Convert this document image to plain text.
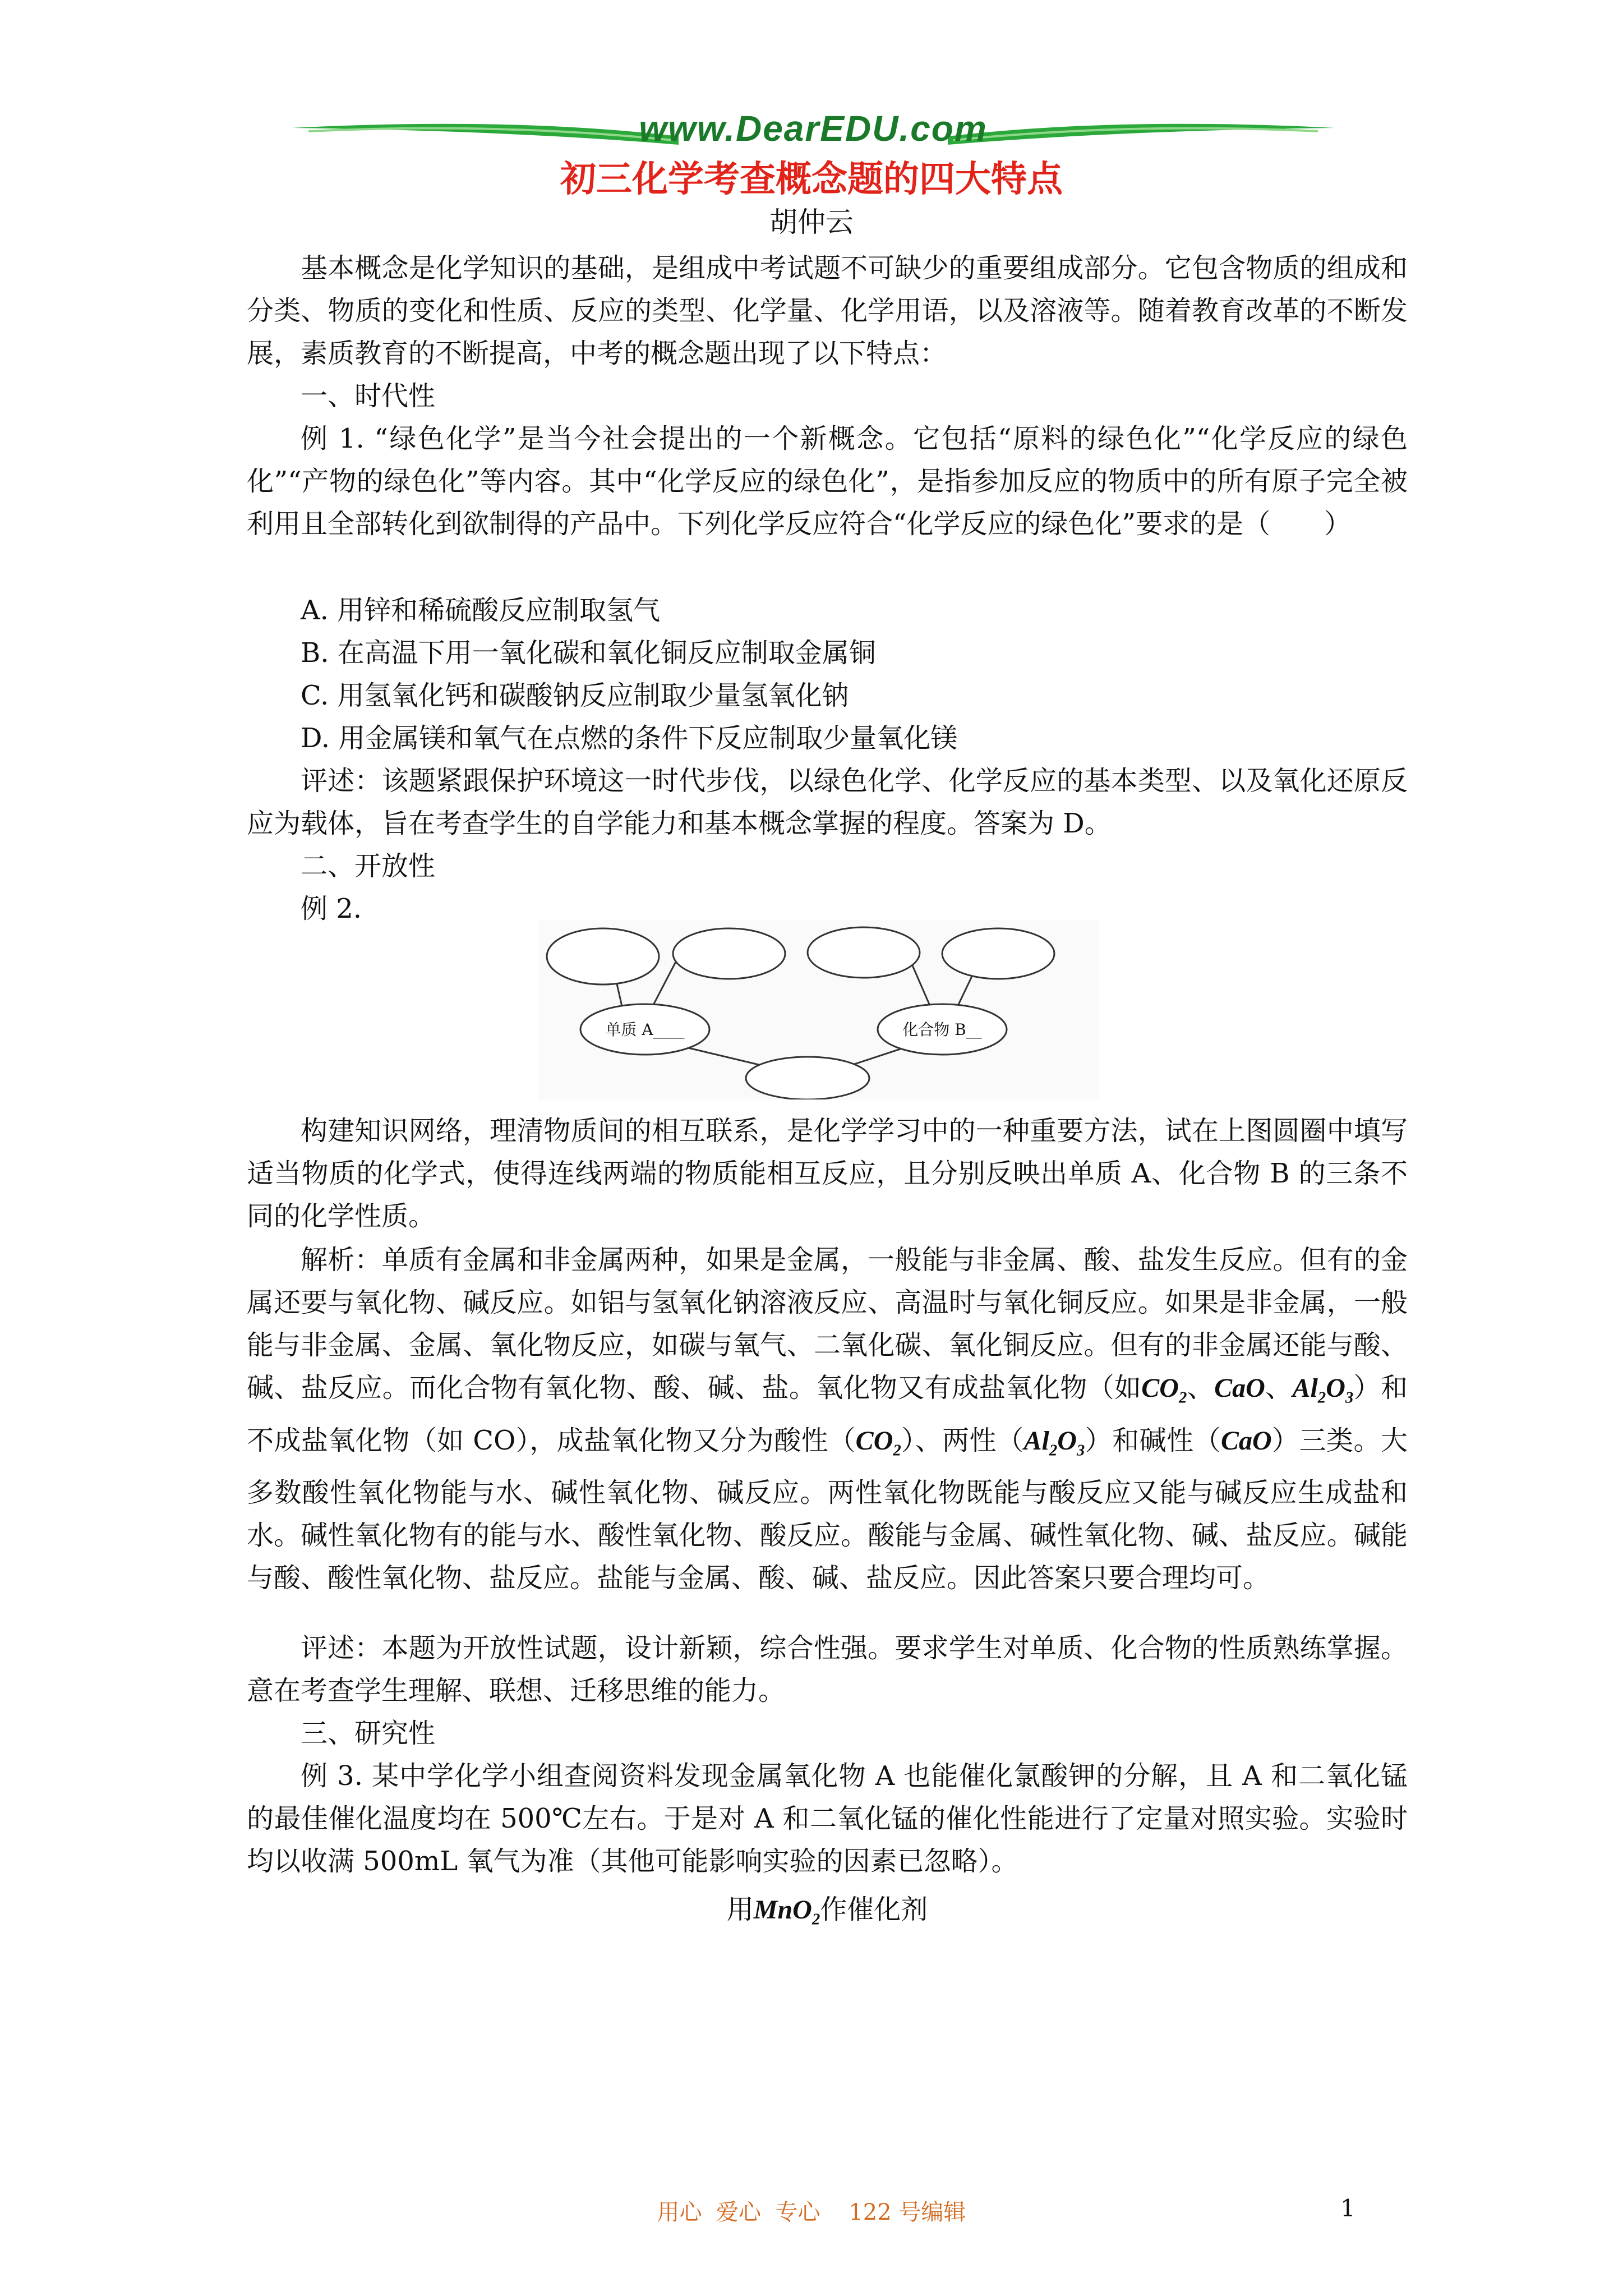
www.DearEDU.com
初三化学考查概念题的四大特点
胡仲云

基本概念是化学知识的基础，是组成中考试题不可缺少的重要组成部分。它包含物质的组成和分类、物质的变化和性质、反应的类型、化学量、化学用语，以及溶液等。随着教育改革的不断发展，素质教育的不断提高，中考的概念题出现了以下特点：

一、时代性

例 1. “绿色化学”是当今社会提出的一个新概念。它包括“原料的绿色化”“化学反应的绿色化”“产物的绿色化”等内容。其中“化学反应的绿色化”，是指参加反应的物质中的所有原子完全被利用且全部转化到欲制得的产品中。下列化学反应符合“化学反应的绿色化”要求的是（　　）

A. 用锌和稀硫酸反应制取氢气

B. 在高温下用一氧化碳和氧化铜反应制取金属铜

C. 用氢氧化钙和碳酸钠反应制取少量氢氧化钠

D. 用金属镁和氧气在点燃的条件下反应制取少量氧化镁

评述：该题紧跟保护环境这一时代步伐，以绿色化学、化学反应的基本类型、以及氧化还原反应为载体，旨在考查学生的自学能力和基本概念掌握的程度。答案为 D。

二、开放性

例 2.

单质 A____	化合物 B__

构建知识网络，理清物质间的相互联系，是化学学习中的一种重要方法，试在上图圆圈中填写适当物质的化学式，使得连线两端的物质能相互反应，且分别反映出单质 A、化合物 B 的三条不同的化学性质。

解析：单质有金属和非金属两种，如果是金属，一般能与非金属、酸、盐发生反应。但有的金属还要与氧化物、碱反应。如铝与氢氧化钠溶液反应、高温时与氧化铜反应。如果是非金属，一般能与非金属、金属、氧化物反应，如碳与氧气、二氧化碳、氧化铜反应。但有的非金属还能与酸、碱、盐反应。而化合物有氧化物、酸、碱、盐。氧化物又有成盐氧化物（如$CO_2$、CaO、$Al_2O_3$）和不成盐氧化物（如 CO），成盐氧化物又分为酸性$(CO_2)$、两性$(Al_2O_3)$和碱性（CaO）三类。大多数酸性氧化物能与水、碱性氧化物、碱反应。两性氧化物既能与酸反应又能与碱反应生成盐和水。碱性氧化物有的能与水、酸性氧化物、酸反应。酸能与金属、碱性氧化物、碱、盐反应。碱能与酸、酸性氧化物、盐反应。盐能与金属、酸、碱、盐反应。因此答案只要合理均可。

评述：本题为开放性试题，设计新颖，综合性强。要求学生对单质、化合物的性质熟练掌握。意在考查学生理解、联想、迁移思维的能力。

三、研究性

例 3. 某中学化学小组查阅资料发现金属氧化物 A 也能催化氯酸钾的分解，且 A 和二氧化锰的最佳催化温度均在 500℃左右。于是对 A 和二氧化锰的催化性能进行了定量对照实验。实验时均以收满 500mL 氧气为准（其他可能影响实验的因素已忽略）。

用MnO$_2$作催化剂

用心  爱心  专心    122 号编辑	1
